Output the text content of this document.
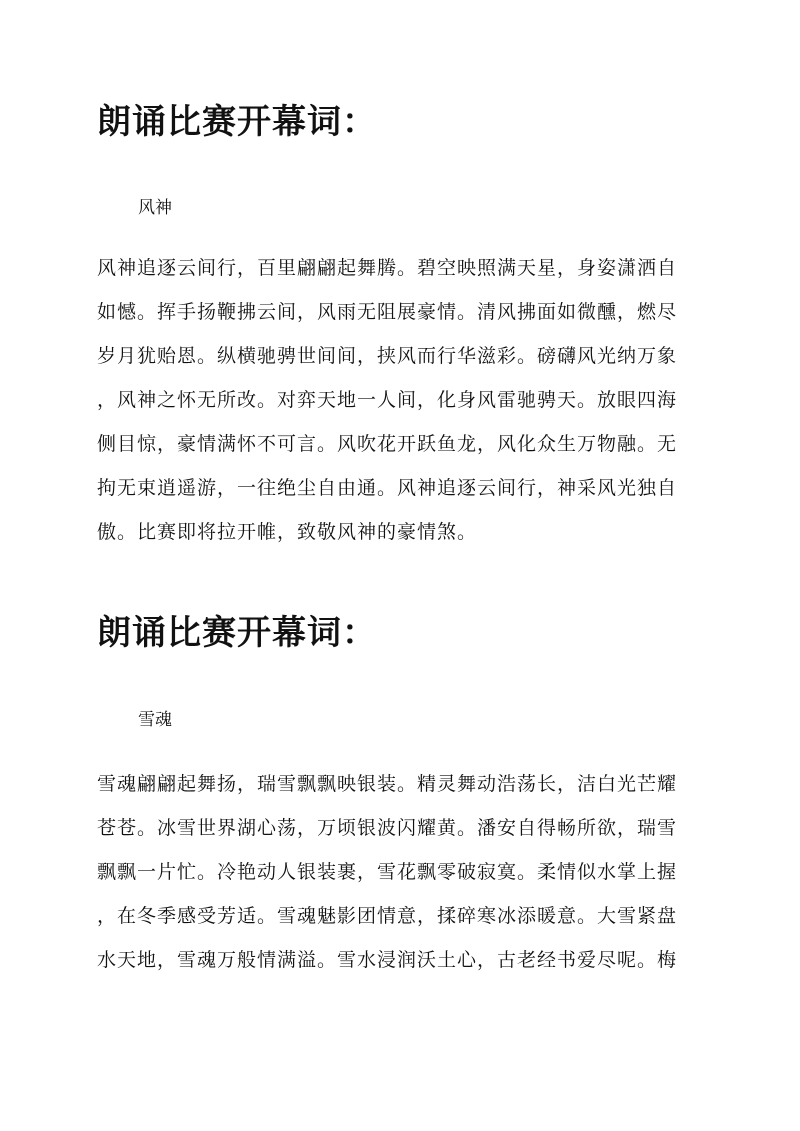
朗诵比赛开幕词：

风神

风神追逐云间行，百里翩翩起舞腾。碧空映照满天星，身姿潇洒自
如憾。挥手扬鞭拂云间，风雨无阻展豪情。清风拂面如微醺，燃尽
岁月犹贻恩。纵横驰骋世间间，挟风而行华滋彩。磅礴风光纳万象
，风神之怀无所改。对弈天地一人间，化身风雷驰骋天。放眼四海
侧目惊，豪情满怀不可言。风吹花开跃鱼龙，风化众生万物融。无
拘无束逍遥游，一往绝尘自由通。风神追逐云间行，神采风光独自
傲。比赛即将拉开帷，致敬风神的豪情煞。
朗诵比赛开幕词：

雪魂

雪魂翩翩起舞扬，瑞雪飘飘映银装。精灵舞动浩荡长，洁白光芒耀
苍苍。冰雪世界湖心荡，万顷银波闪耀黄。潘安自得畅所欲，瑞雪
飘飘一片忙。冷艳动人银装裹，雪花飘零破寂寞。柔情似水掌上握
，在冬季感受芳适。雪魂魅影团情意，揉碎寒冰添暖意。大雪紧盘
水天地，雪魂万般情满溢。雪水浸润沃土心，古老经书爱尽呢。梅
